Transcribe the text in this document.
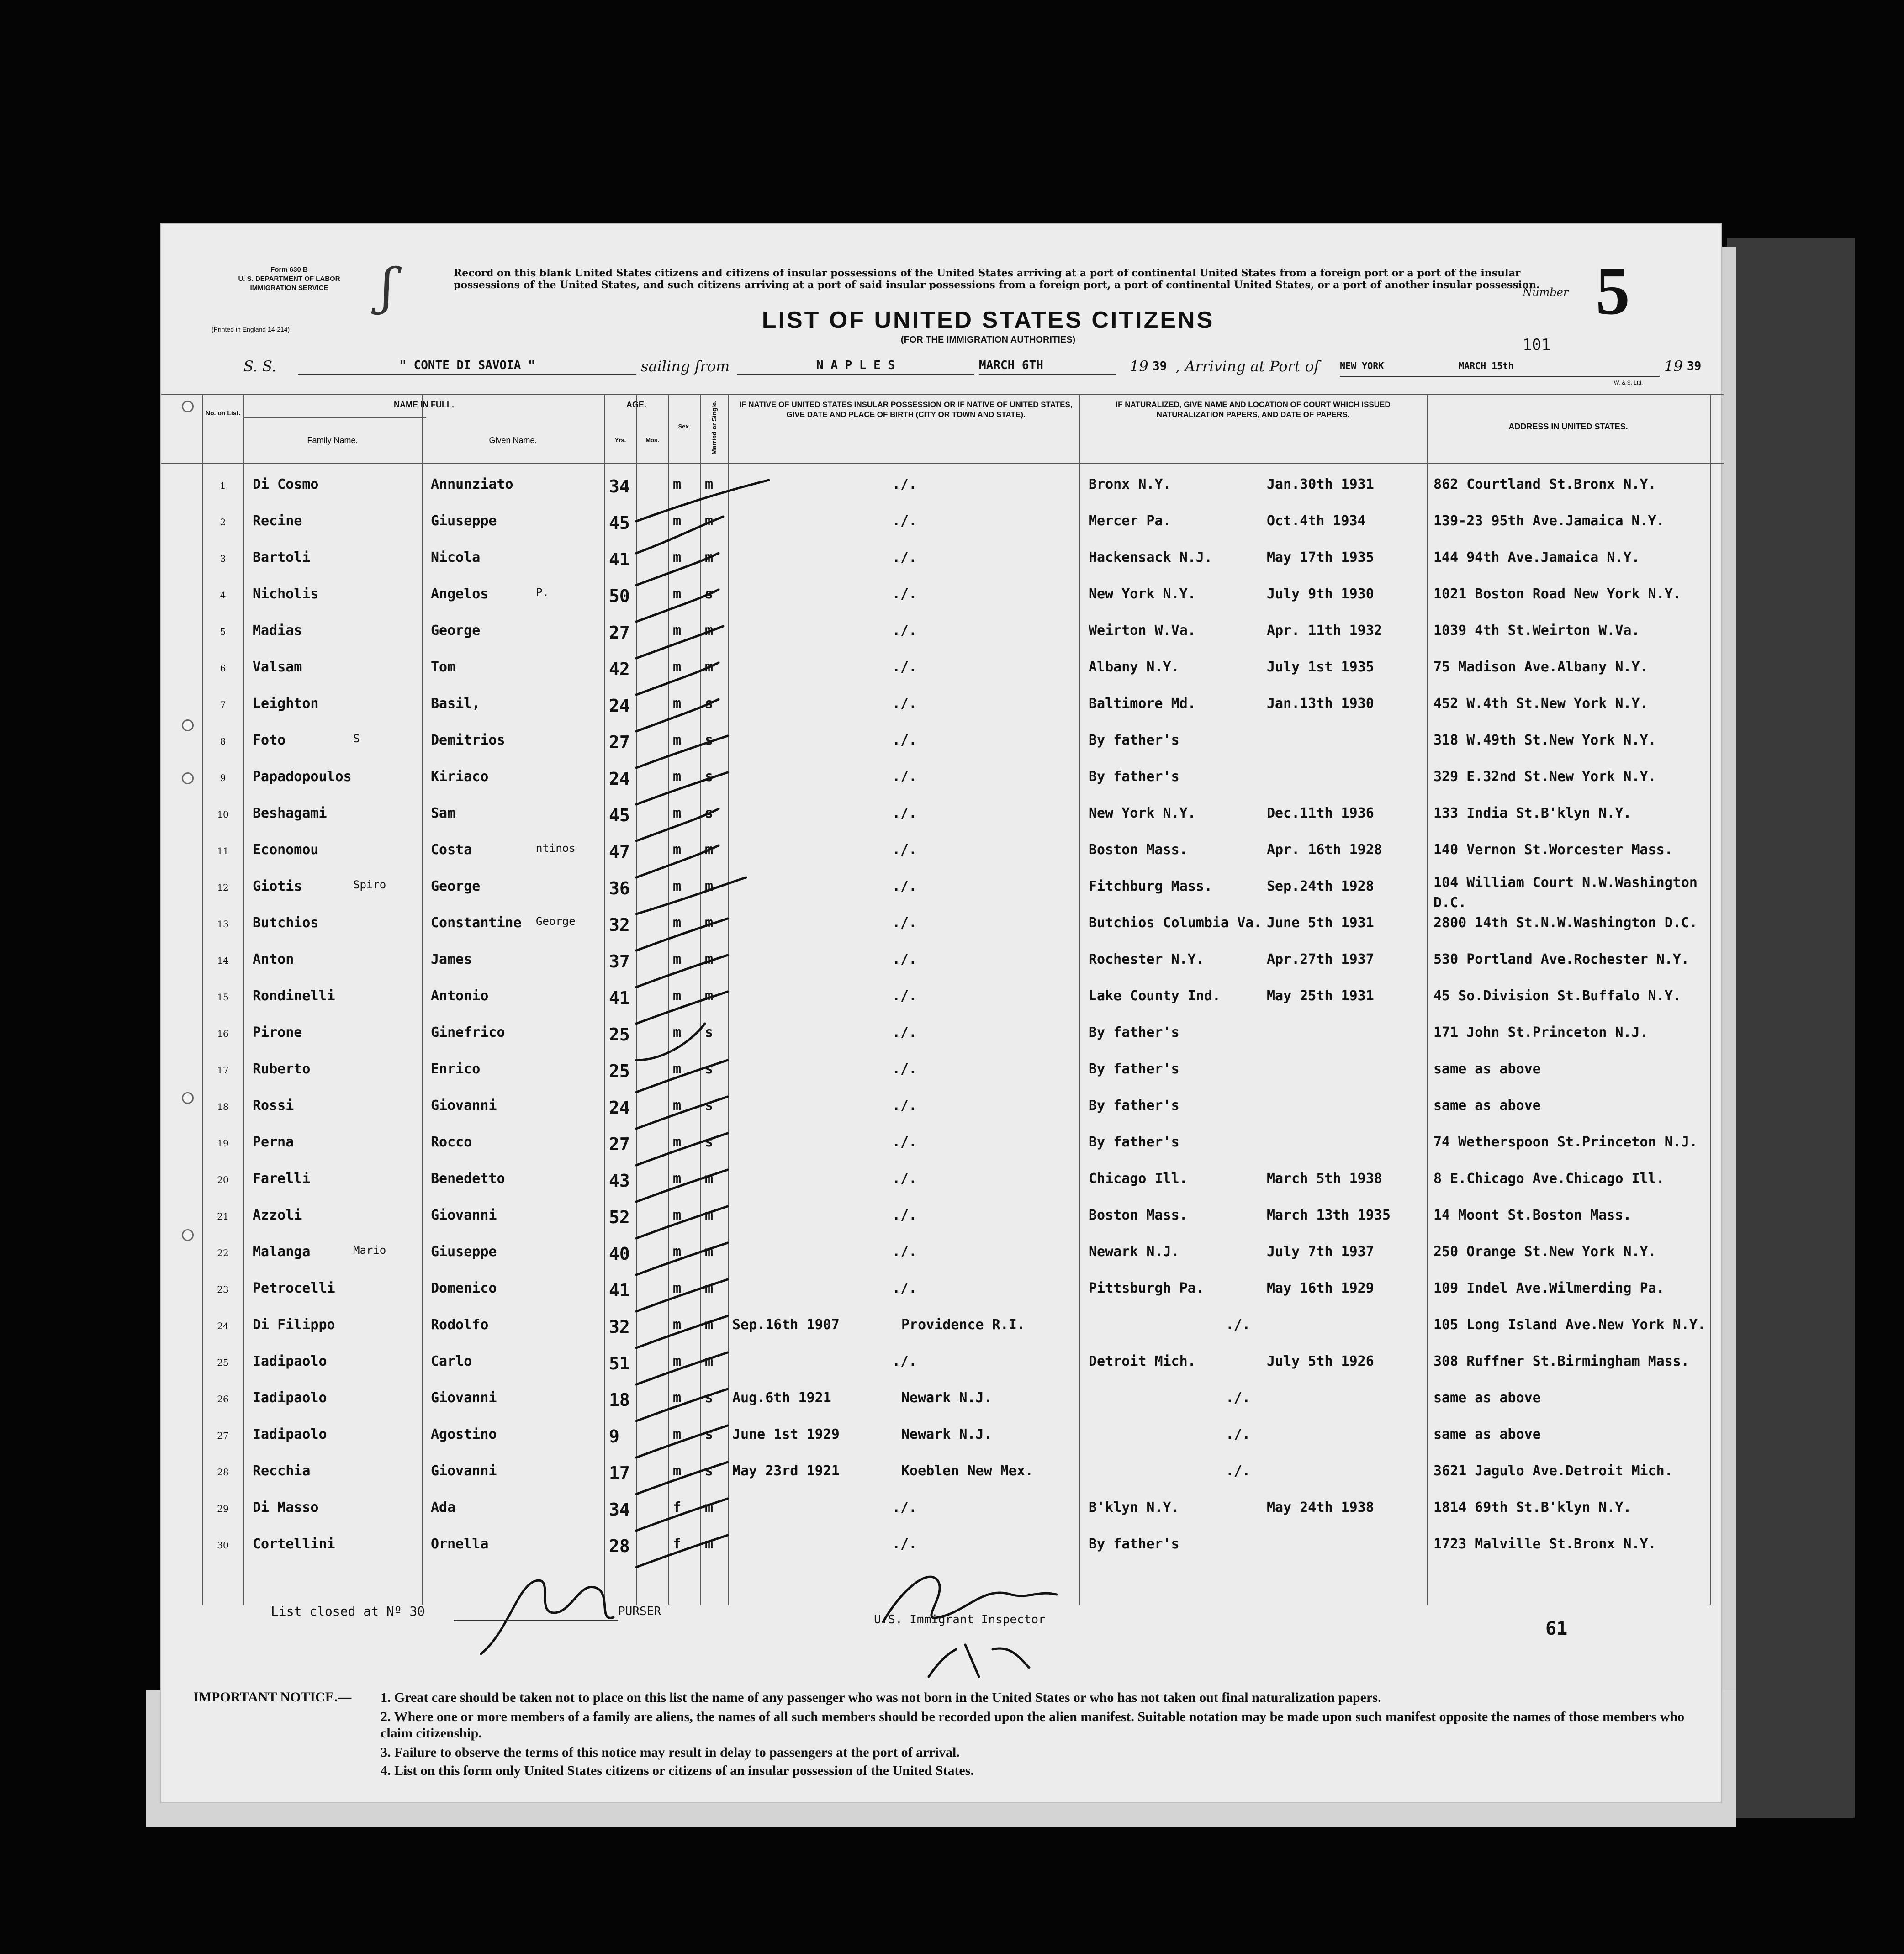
Form 630 B
U. S. DEPARTMENT OF LABOR
IMMIGRATION SERVICE
(Printed in England 14-214)
ʃ	Record on this blank United States citizens and citizens of insular possessions of the United States arriving at a port of continental United States from a foreign port or a port of the insular possessions of the United States, and such citizens arriving at a port of said insular possessions from a foreign port, a port of continental United States, or a port of another insular possession.
LIST OF UNITED STATES CITIZENS
(FOR THE IMMIGRATION AUTHORITIES)
Number 5
101
S. S.	" CONTE DI SAVOIA "	sailing from	N A P L E S	MARCH 6TH	19 39 , Arriving at Port of NEW YORK	MARCH 15th	19 39
W. & S. Ltd.
No. on List.
NAME IN FULL.
Family Name.	Given Name.
AGE.
Yrs.	Mos.
Sex.	Married or Single.	IF NATIVE OF UNITED STATES INSULAR POSSESSION OR IF NATIVE OF UNITED STATES, GIVE DATE AND PLACE OF BIRTH (CITY OR TOWN AND STATE).
IF NATURALIZED, GIVE NAME AND LOCATION OF COURT WHICH ISSUED NATURALIZATION PAPERS, AND DATE OF PAPERS.
ADDRESS IN UNITED STATES.
1	Di Cosmo	Annunziato	34	m m	./.	Bronx N.Y.	Jan.30th 1931	862 Courtland St.Bronx N.Y.
2	Recine	Giuseppe	45	m m	./.	Mercer Pa.	Oct.4th 1934	139-23 95th Ave.Jamaica N.Y.
3	Bartoli	Nicola	41	m m	./.	Hackensack N.J.	May 17th 1935	144 94th Ave.Jamaica N.Y.
4	Nicholis	Angelos	P.	50	m s	./.	New York N.Y.	July 9th 1930	1021 Boston Road New York N.Y.
5	Madias	George	27	m m	./.	Weirton W.Va.	Apr. 11th 1932	1039 4th St.Weirton W.Va.
6	Valsam	Tom	42	m m	./.	Albany N.Y.	July 1st 1935	75 Madison Ave.Albany N.Y.
7	Leighton	Basil,	24	m s	./.	Baltimore Md.	Jan.13th 1930	452 W.4th St.New York N.Y.
8	Foto	S	Demitrios	27	m s	./.	By father's	318 W.49th St.New York N.Y.
9	Papadopoulos	Kiriaco	24	m s	./.	By father's	329 E.32nd St.New York N.Y.
10	Beshagami	Sam	45	m s	./.	New York N.Y.	Dec.11th 1936	133 India St.B'klyn N.Y.
11	Economou	Costa	ntinos 47	m m	./.	Boston Mass.	Apr. 16th 1928	140 Vernon St.Worcester Mass.
12	Giotis	Spiro	George	36	m m	./.	Fitchburg Mass.	Sep.24th 1928	104 William Court N.W.Washington
D.C.
13	Butchios	Constantine George 32	m m	./.	Butchios Columbia Va. June 5th 1931	2800 14th St.N.W.Washington D.C.
14	Anton	James	37	m m	./.	Rochester N.Y.	Apr.27th 1937	530 Portland Ave.Rochester N.Y.
15	Rondinelli	Antonio	41	m m	./.	Lake County Ind.	May 25th 1931	45 So.Division St.Buffalo N.Y.
16	Pirone	Ginefrico	25	m s	./.	By father's	171 John St.Princeton N.J.
17	Ruberto	Enrico	25	m s	./.	By father's	same as above
18	Rossi	Giovanni	24	m s	./.	By father's	same as above
19	Perna	Rocco	27	m s	./.	By father's	74 Wetherspoon St.Princeton N.J.
20	Farelli	Benedetto	43	m m	./.	Chicago Ill.	March 5th 1938	8 E.Chicago Ave.Chicago Ill.
21	Azzoli	Giovanni	52	m m	./.	Boston Mass.	March 13th 1935	14 Moont St.Boston Mass.
22	Malanga	Mario	Giuseppe	40	m m	./.	Newark N.J.	July 7th 1937	250 Orange St.New York N.Y.
23	Petrocelli	Domenico	41	m m	./.	Pittsburgh Pa.	May 16th 1929	109 Indel Ave.Wilmerding Pa.
24	Di Filippo	Rodolfo	32	m m Sep.16th 1907	Providence R.I.	./.	105 Long Island Ave.New York N.Y.
25	Iadipaolo	Carlo	51	m m	./.	Detroit Mich.	July 5th 1926	308 Ruffner St.Birmingham Mass.
26	Iadipaolo	Giovanni	18	m s Aug.6th 1921	Newark N.J.	./.	same as above
27	Iadipaolo	Agostino	9	m s June 1st 1929	Newark N.J.	./.	same as above
28	Recchia	Giovanni	17	m s May 23rd 1921	Koeblen New Mex.	./.	3621 Jagulo Ave.Detroit Mich.
29	Di Masso	Ada	34	f m	./.	B'klyn N.Y.	May 24th 1938	1814 69th St.B'klyn N.Y.
30	Cortellini	Ornella	28	f m	./.	By father's	1723 Malville St.Bronx N.Y.
List closed at Nº 30	PURSER
U.S. Immigrant Inspector	61
IMPORTANT NOTICE.— 1. Great care should be taken not to place on this list the name of any passenger who was not born in the United States or who has not taken out final naturalization papers.
2. Where one or more members of a family are aliens, the names of all such members should be recorded upon the alien manifest. Suitable notation may be made upon such manifest opposite the names of those members who claim citizenship.
3. Failure to observe the terms of this notice may result in delay to passengers at the port of arrival.
4. List on this form only United States citizens or citizens of an insular possession of the United States.
